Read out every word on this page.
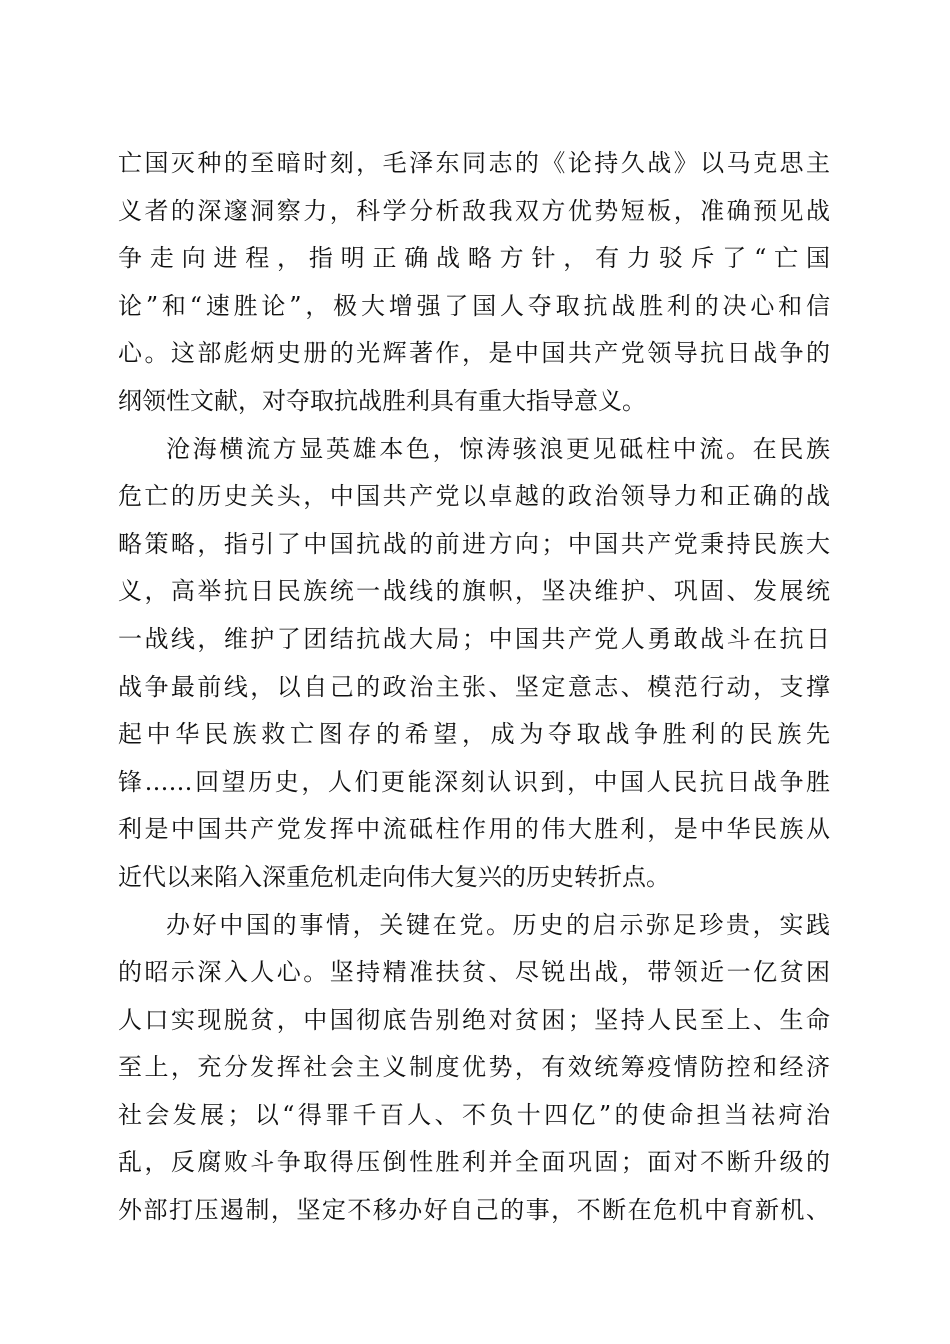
亡国灭种的至暗时刻，毛泽东同志的《论持久战》以马克思主
义者的深邃洞察力，科学分析敌我双方优势短板，准确预见战
争走向进程，指明正确战略方针，有力驳斥了“亡国
论”和“速胜论”，极大增强了国人夺取抗战胜利的决心和信
心。这部彪炳史册的光辉著作，是中国共产党领导抗日战争的
纲领性文献，对夺取抗战胜利具有重大指导意义。
沧海横流方显英雄本色，惊涛骇浪更见砥柱中流。在民族
危亡的历史关头，中国共产党以卓越的政治领导力和正确的战
略策略，指引了中国抗战的前进方向；中国共产党秉持民族大
义，高举抗日民族统一战线的旗帜，坚决维护、巩固、发展统
一战线，维护了团结抗战大局；中国共产党人勇敢战斗在抗日
战争最前线，以自己的政治主张、坚定意志、模范行动，支撑
起中华民族救亡图存的希望，成为夺取战争胜利的民族先
锋……回望历史，人们更能深刻认识到，中国人民抗日战争胜
利是中国共产党发挥中流砥柱作用的伟大胜利，是中华民族从
近代以来陷入深重危机走向伟大复兴的历史转折点。
办好中国的事情，关键在党。历史的启示弥足珍贵，实践
的昭示深入人心。坚持精准扶贫、尽锐出战，带领近一亿贫困
人口实现脱贫，中国彻底告别绝对贫困；坚持人民至上、生命
至上，充分发挥社会主义制度优势，有效统筹疫情防控和经济
社会发展；以“得罪千百人、不负十四亿”的使命担当祛疴治
乱，反腐败斗争取得压倒性胜利并全面巩固；面对不断升级的
外部打压遏制，坚定不移办好自己的事，不断在危机中育新机、
